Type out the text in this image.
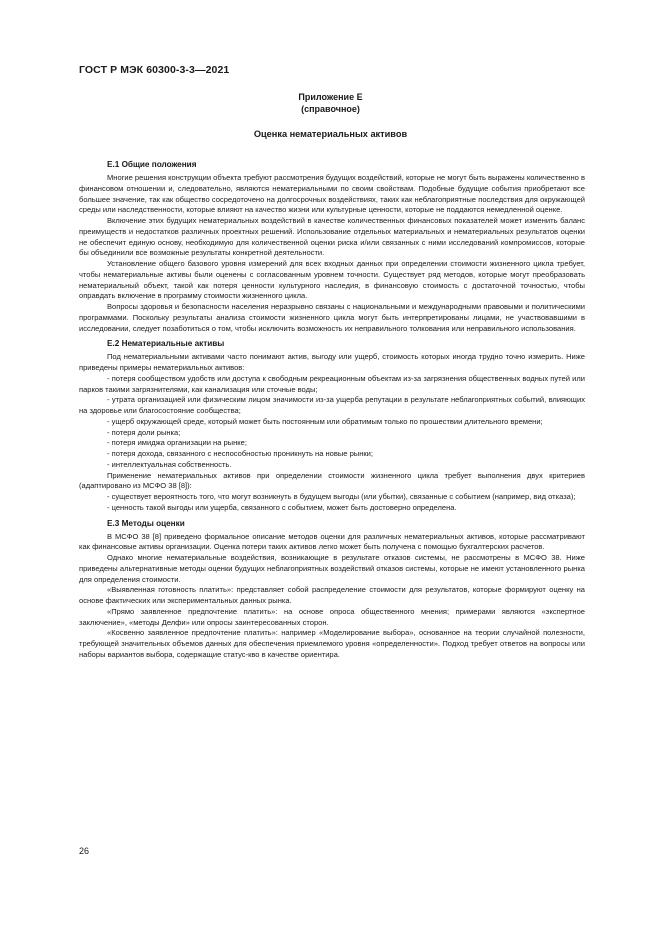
ГОСТ Р МЭК 60300-3-3—2021
Приложение Е
(справочное)
Оценка нематериальных активов
Е.1 Общие положения

Многие решения конструкции объекта требуют рассмотрения будущих воздействий, которые не могут быть выражены количественно в финансовом отношении и, следовательно, являются нематериальными по своим свойствам. Подобные будущие события приобретают все большее значение, так как общество сосредоточено на долгосрочных воздействиях, таких как неблагоприятные последствия для окружающей среды или наследственности, которые влияют на качество жизни или культурные ценности, которые не поддаются немедленной оценке.

Включение этих будущих нематериальных воздействий в качестве количественных финансовых показателей может изменить баланс преимуществ и недостатков различных проектных решений. Использование отдельных материальных и нематериальных результатов оценки не обеспечит единую основу, необходимую для количественной оценки риска и/или связанных с ними исследований компромиссов, которые бы объединили все возможные результаты конкретной деятельности.

Установление общего базового уровня измерений для всех входных данных при определении стоимости жизненного цикла требует, чтобы нематериальные активы были оценены с согласованным уровнем точности. Существует ряд методов, которые могут преобразовать нематериальный объект, такой как потеря ценности культурного наследия, в финансовую стоимость с достаточной точностью, чтобы оправдать включение в программу стоимости жизненного цикла.

Вопросы здоровья и безопасности населения неразрывно связаны с национальными и международными правовыми и политическими программами. Поскольку результаты анализа стоимости жизненного цикла могут быть интерпретированы лицами, не участвовавшими в исследовании, следует позаботиться о том, чтобы исключить возможность их неправильного толкования или неправильного использования.

Е.2 Нематериальные активы

Под нематериальными активами часто понимают актив, выгоду или ущерб, стоимость которых иногда трудно точно измерить. Ниже приведены примеры нематериальных активов:

- потеря сообществом удобств или доступа к свободным рекреационным объектам из-за загрязнения общественных водных путей или парков такими загрязнителями, как канализация или сточные воды;

- утрата организацией или физическим лицом значимости из-за ущерба репутации в результате неблагоприятных событий, влияющих на здоровье или благосостояние сообщества;

- ущерб окружающей среде, который может быть постоянным или обратимым только по прошествии длительного времени;

- потеря доли рынка;

- потеря имиджа организации на рынке;

- потеря дохода, связанного с неспособностью проникнуть на новые рынки;

- интеллектуальная собственность.

Применение нематериальных активов при определении стоимости жизненного цикла требует выполнения двух критериев (адаптировано из МСФО 38 [8]):

- существует вероятность того, что могут возникнуть в будущем выгоды (или убытки), связанные с событием (например, вид отказа);

- ценность такой выгоды или ущерба, связанного с событием, может быть достоверно определена.

Е.3 Методы оценки

В МСФО 38 [8] приведено формальное описание методов оценки для различных нематериальных активов, которые рассматривают как финансовые активы организации. Оценка потери таких активов легко может быть получена с помощью бухгалтерских расчетов.

Однако многие нематериальные воздействия, возникающие в результате отказов системы, не рассмотрены в МСФО 38. Ниже приведены альтернативные методы оценки будущих неблагоприятных воздействий отказов системы, которые не имеют установленного рынка для определения стоимости.

«Выявленная готовность платить»: представляет собой распределение стоимости для результатов, которые формируют оценку на основе фактических или экспериментальных данных рынка.

«Прямо заявленное предпочтение платить»: на основе опроса общественного мнения; примерами являются «экспертное заключение», «методы Делфи» или опросы заинтересованных сторон.

«Косвенно заявленное предпочтение платить»: например «Моделирование выбора», основанное на теории случайной полезности, требующей значительных объемов данных для обеспечения приемлемого уровня «определенности». Подход требует ответов на вопросы или наборы вариантов выбора, содержащие статус-кво в качестве ориентира.

26
